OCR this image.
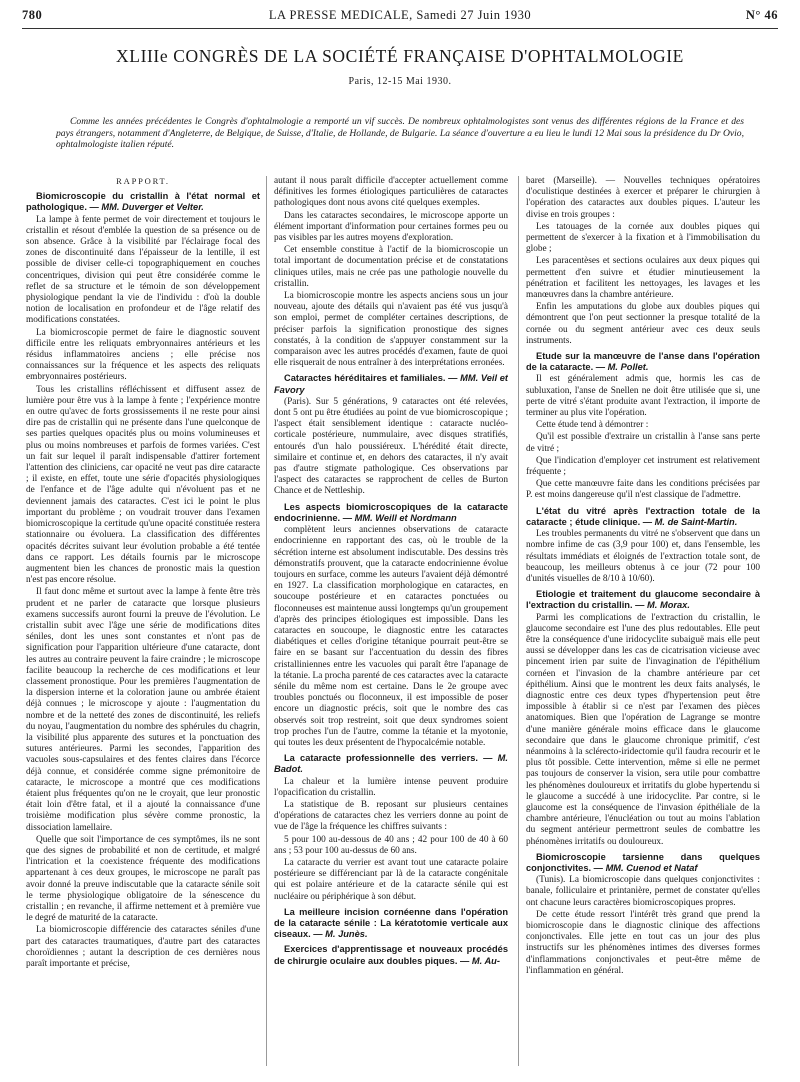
780	LA PRESSE MEDICALE, Samedi 27 Juin 1930	N° 46
XLIIIe CONGRÈS DE LA SOCIÉTÉ FRANÇAISE D'OPHTALMOLOGIE
Paris, 12-15 Mai 1930.
Comme les années précédentes le Congrès d'ophtalmologie a remporté un vif succès. De nombreux ophtalmologistes sont venus des différentes régions de la France et des pays étrangers, notamment d'Angleterre, de Belgique, de Suisse, d'Italie, de Hollande, de Bulgarie. La séance d'ouverture a eu lieu le lundi 12 Mai sous la présidence du Dr Ovio, ophtalmologiste italien réputé.
RAPPORT.

Biomicroscopie du cristallin à l'état normal et pathologique. — MM. Duverger et Velter.

La lampe à fente permet de voir directement et toujours le cristallin et résout d'emblée la question de sa présence ou de son absence. Grâce à la visibilité par l'éclairage focal des zones de discontinuité dans l'épaisseur de la lentille, il est possible de diviser celle-ci topographiquement en couches concentriques, division qui peut être considérée comme le reflet de sa structure et le témoin de son développement physiologique pendant la vie de l'individu : d'où la double notion de localisation en profondeur et de l'âge relatif des modifications constatées.

La biomicroscopie permet de faire le diagnostic souvent difficile entre les reliquats embryonnaires antérieurs et les résidus inflammatoires anciens ; elle précise nos connaissances sur la fréquence et les aspects des reliquats embryonnaires postérieurs.

Tous les cristallins réfléchissent et diffusent assez de lumière pour être vus à la lampe à fente ; l'expérience montre en outre qu'avec de forts grossissements il ne reste pour ainsi dire pas de cristallin qui ne présente dans l'une quelconque de ses parties quelques opacités plus ou moins volumineuses et plus ou moins nombreuses et parfois de formes variées. C'est un fait sur lequel il paraît indispensable d'attirer fortement l'attention des cliniciens, car opacité ne veut pas dire cataracte ; il existe, en effet, toute une série d'opacités physiologiques de l'enfance et de l'âge adulte qui n'évoluent pas et ne deviennent jamais des cataractes. C'est ici le point le plus important du problème ; on voudrait trouver dans l'examen biomicroscopique la certitude qu'une opacité constituée restera stationnaire ou évoluera. La classification des différentes opacités décrites suivant leur évolution probable a été tentée dans ce rapport. Les détails fournis par le microscope augmentent bien les chances de pronostic mais la question n'est pas encore résolue.

Il faut donc même et surtout avec la lampe à fente être très prudent et ne parler de cataracte que lorsque plusieurs examens successifs auront fourni la preuve de l'évolution. Le cristallin subit avec l'âge une série de modifications dites séniles, dont les unes sont constantes et n'ont pas de signification pour l'apparition ultérieure d'une cataracte, dont les autres au contraire peuvent la faire craindre ; le microscope facilite beaucoup la recherche de ces modifications et leur classement pronostique. Pour les premières l'augmentation de la dispersion interne et la coloration jaune ou ambrée étaient déjà connues ; le microscope y ajoute : l'augmentation du nombre et de la netteté des zones de discontinuité, les reliefs du noyau, l'augmentation du nombre des sphérules du chagrin, la visibilité plus apparente des sutures et la ponctuation des sutures antérieures. Parmi les secondes, l'apparition des vacuoles sous-capsulaires et des fentes claires dans l'écorce déjà connue, et considérée comme signe prémonitoire de cataracte, le microscope a montré que ces modifications étaient plus fréquentes qu'on ne le croyait, que leur pronostic était loin d'être fatal, et il a ajouté la connaissance d'une troisième modification plus sévère comme pronostic, la dissociation lamellaire.

Quelle que soit l'importance de ces symptômes, ils ne sont que des signes de probabilité et non de certitude, et malgré l'intrication et la coexistence fréquente des modifications appartenant à ces deux groupes, le microscope ne paraît pas avoir donné la preuve indiscutable que la cataracte sénile soit le terme physiologique obligatoire de la sénescence du cristallin ; en revanche, il affirme nettement et à première vue le degré de maturité de la cataracte.

La biomicroscopie différencie des cataractes séniles d'une part des cataractes traumatiques, d'autre part des cataractes choroïdiennes ; autant la description de ces dernières nous paraît importante et précise,

autant il nous paraît difficile d'accepter actuellement comme définitives les formes étiologiques particulières de cataractes pathologiques dont nous avons cité quelques exemples.

Dans les cataractes secondaires, le microscope apporte un élément important d'information pour certaines formes peu ou pas visibles par les autres moyens d'exploration.

Cet ensemble constitue à l'actif de la biomicroscopie un total important de documentation précise et de constatations cliniques utiles, mais ne crée pas une pathologie nouvelle du cristallin.

La biomicroscopie montre les aspects anciens sous un jour nouveau, ajoute des détails qui n'avaient pas été vus jusqu'à son emploi, permet de compléter certaines descriptions, de préciser parfois la signification pronostique des signes constatés, à la condition de s'appuyer constamment sur la comparaison avec les autres procédés d'examen, faute de quoi elle risquerait de nous entraîner à des interprétations erronées.

Cataractes héréditaires et familiales. — MM. Veil et Favory

(Paris). Sur 5 générations, 9 cataractes ont été relevées, dont 5 ont pu être étudiées au point de vue biomicroscopique ; l'aspect était sensiblement identique : cataracte nucléo-corticale postérieure, nummulaire, avec disques stratifiés, entourés d'un halo poussiéreux. L'hérédité était directe, similaire et continue et, en dehors des cataractes, il n'y avait pas d'autre stigmate pathologique. Ces observations par l'aspect des cataractes se rapprochent de celles de Burton Chance et de Nettleship.

Les aspects biomicroscopiques de la cataracte endocrinienne. — MM. Weill et Nordmann

complètent leurs anciennes observations de cataracte endocrinienne en rapportant des cas, où le trouble de la sécrétion interne est absolument indiscutable. Des dessins très démonstratifs prouvent, que la cataracte endocrinienne évolue toujours en surface, comme les auteurs l'avaient déjà démontré en 1927. La classification morphologique en cataractes, en soucoupe postérieure et en cataractes ponctuées ou floconneuses est maintenue aussi longtemps qu'un groupement d'après des principes étiologiques est impossible. Dans les cataractes en soucoupe, le diagnostic entre les cataractes diabétiques et celles d'origine tétanique pourrait peut-être se faire en se basant sur l'accentuation du dessin des fibres cristalliniennes entre les vacuoles qui paraît être l'apanage de la tétanie. La procha parenté de ces cataractes avec la cataracte sénile du même nom est certaine. Dans le 2e groupe avec troubles ponctués ou floconneux, il est impossible de poser encore un diagnostic précis, soit que le nombre des cas observés soit trop restreint, soit que deux syndromes soient trop proches l'un de l'autre, comme la tétanie et la myotonie, qui toutes les deux présentent de l'hypocalcémie notable.

La cataracte professionnelle des verriers. — M. Badot.

La chaleur et la lumière intense peuvent produire l'opacification du cristallin.

La statistique de B. reposant sur plusieurs centaines d'opérations de cataractes chez les verriers donne au point de vue de l'âge la fréquence les chiffres suivants :

5 pour 100 au-dessous de 40 ans ; 42 pour 100 de 40 à 60 ans ; 53 pour 100 au-dessus de 60 ans.

La cataracte du verrier est avant tout une cataracte polaire postérieure se différenciant par là de la cataracte congénitale qui est polaire antérieure et de la cataracte sénile qui est nucléaire ou périphérique à son début.

La meilleure incision cornéenne dans l'opération de la cataracte sénile : La kératotomie verticale aux ciseaux. — M. Junès.

Exercices d'apprentissage et nouveaux procédés de chirurgie oculaire aux doubles piques. — M. Au-

baret (Marseille). — Nouvelles techniques opératoires d'oculistique destinées à exercer et préparer le chirurgien à l'opération des cataractes aux doubles piques. L'auteur les divise en trois groupes :

Les tatouages de la cornée aux doubles piques qui permettent de s'exercer à la fixation et à l'immobilisation du globe ;

Les paracentèses et sections oculaires aux deux piques qui permettent d'en suivre et étudier minutieusement la pénétration et facilitent les nettoyages, les lavages et les manœuvres dans la chambre antérieure.

Enfin les amputations du globe aux doubles piques qui démontrent que l'on peut sectionner la presque totalité de la cornée ou du segment antérieur avec ces deux seuls instruments.

Etude sur la manœuvre de l'anse dans l'opération de la cataracte. — M. Pollet.

Il est généralement admis que, hormis les cas de subluxation, l'anse de Snellen ne doit être utilisée que si, une perte de vitré s'étant produite avant l'extraction, il importe de terminer au plus vite l'opération.

Cette étude tend à démontrer :

Qu'il est possible d'extraire un cristallin à l'anse sans perte de vitré ;

Que l'indication d'employer cet instrument est relativement fréquente ;

Que cette manœuvre faite dans les conditions précisées par P. est moins dangereuse qu'il n'est classique de l'admettre.

L'état du vitré après l'extraction totale de la cataracte ; étude clinique. — M. de Saint-Martin.

Les troubles permanents du vitré ne s'observent que dans un nombre infime de cas (3,9 pour 100) et, dans l'ensemble, les résultats immédiats et éloignés de l'extraction totale sont, de beaucoup, les meilleurs obtenus à ce jour (72 pour 100 d'unités visuelles de 8/10 à 10/60).

Etiologie et traitement du glaucome secondaire à l'extraction du cristallin. — M. Morax.

Parmi les complications de l'extraction du cristallin, le glaucome secondaire est l'une des plus redoutables. Elle peut être la conséquence d'une iridocyclite subaiguë mais elle peut aussi se développer dans les cas de cicatrisation vicieuse avec pincement irien par suite de l'invagination de l'épithélium cornéen et l'invasion de la chambre antérieure par cet épithélium. Ainsi que le montrent les deux faits analysés, le diagnostic entre ces deux types d'hypertension peut être impossible à établir si ce n'est par l'examen des pièces anatomiques. Bien que l'opération de Lagrange se montre d'une manière générale moins efficace dans le glaucome secondaire que dans le glaucome chronique primitif, c'est néanmoins à la sclérecto-iridectomie qu'il faudra recourir et le plus tôt possible. Cette intervention, même si elle ne permet pas toujours de conserver la vision, sera utile pour combattre les phénomènes douloureux et irritatifs du globe hypertendu si le glaucome a succédé à une iridocyclite. Par contre, si le glaucome est la conséquence de l'invasion épithéliale de la chambre antérieure, l'énucléation ou tout au moins l'ablation du segment antérieur permettront seules de combattre les phénomènes irritatifs ou douloureux.

Biomicroscopie tarsienne dans quelques conjonctivites. — MM. Cuenod et Nataf

(Tunis). La biomicroscopie dans quelques conjonctivites : banale, folliculaire et printanière, permet de constater qu'elles ont chacune leurs caractères biomicroscopiques propres.

De cette étude ressort l'intérêt très grand que prend la biomicroscopie dans le diagnostic clinique des affections conjonctivales. Elle jette en tout cas un jour des plus instructifs sur les phénomènes intimes des diverses formes d'inflammations conjonctivales et peut-être même de l'inflammation en général.
